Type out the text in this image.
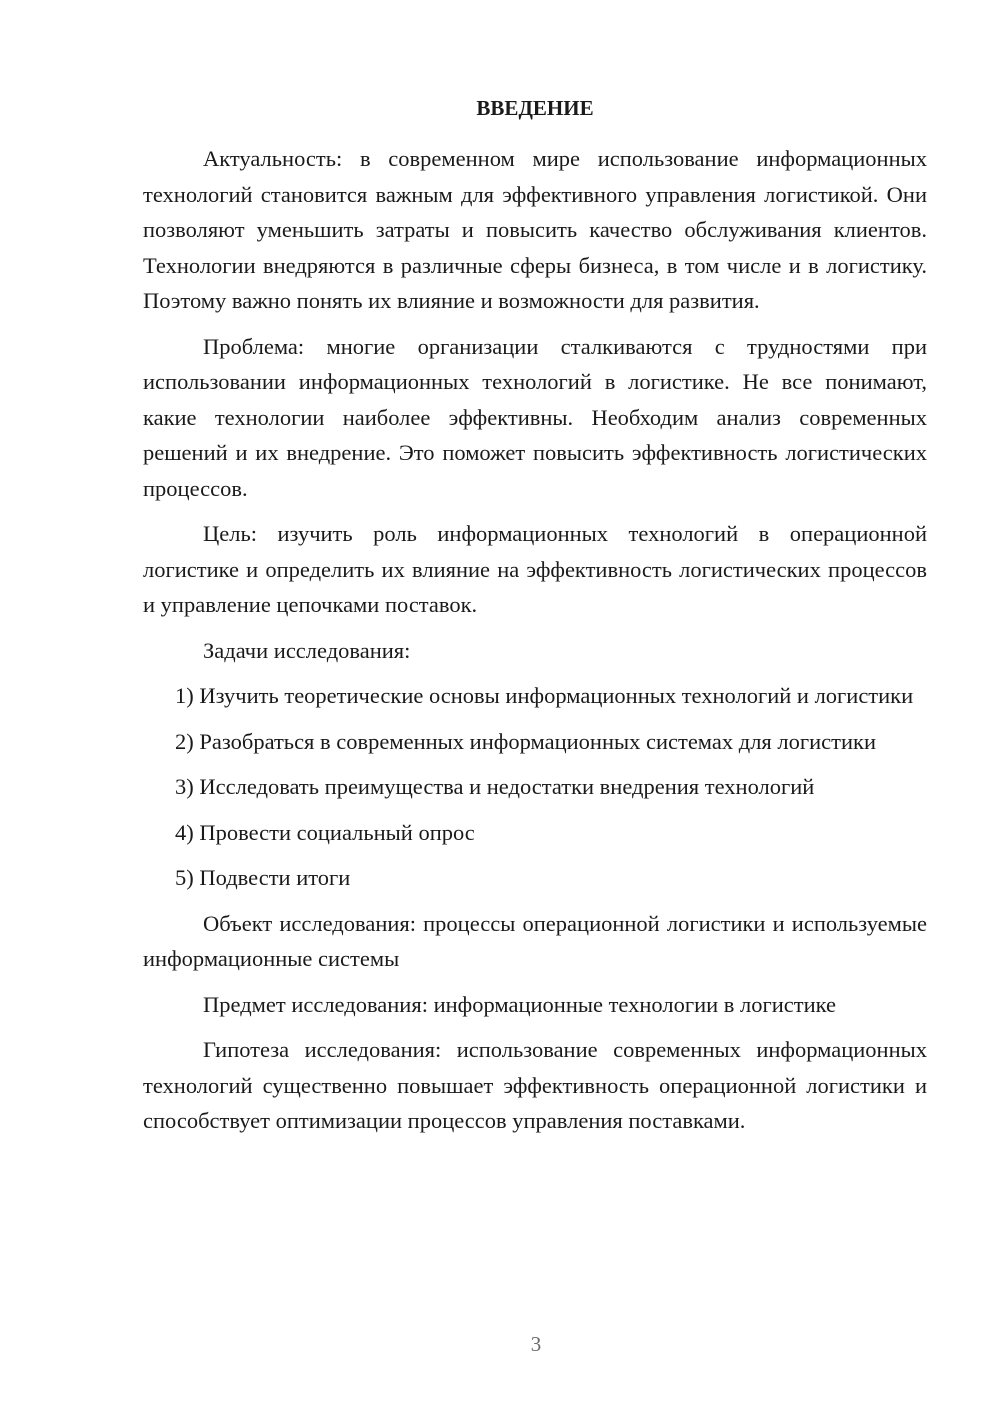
ВВЕДЕНИЕ

Актуальность: в современном мире использование информационных технологий становится важным для эффективного управления логистикой. Они позволяют уменьшить затраты и повысить качество обслуживания клиентов. Технологии внедряются в различные сферы бизнеса, в том числе и в логистику. Поэтому важно понять их влияние и возможности для развития.

Проблема: многие организации сталкиваются с трудностями при использовании информационных технологий в логистике. Не все понимают, какие технологии наиболее эффективны. Необходим анализ современных решений и их внедрение. Это поможет повысить эффективность логистических процессов.

Цель: изучить роль информационных технологий в операционной логистике и определить их влияние на эффективность логистических процессов и управление цепочками поставок.

Задачи исследования:

1) Изучить теоретические основы информационных технологий и логистики

2) Разобраться в современных информационных системах для логистики

3) Исследовать преимущества и недостатки внедрения технологий

4) Провести социальный опрос

5) Подвести итоги

Объект исследования: процессы операционной логистики и используемые информационные системы

Предмет исследования: информационные технологии в логистике

Гипотеза исследования: использование современных информационных технологий существенно повышает эффективность операционной логистики и способствует оптимизации процессов управления поставками.

3
